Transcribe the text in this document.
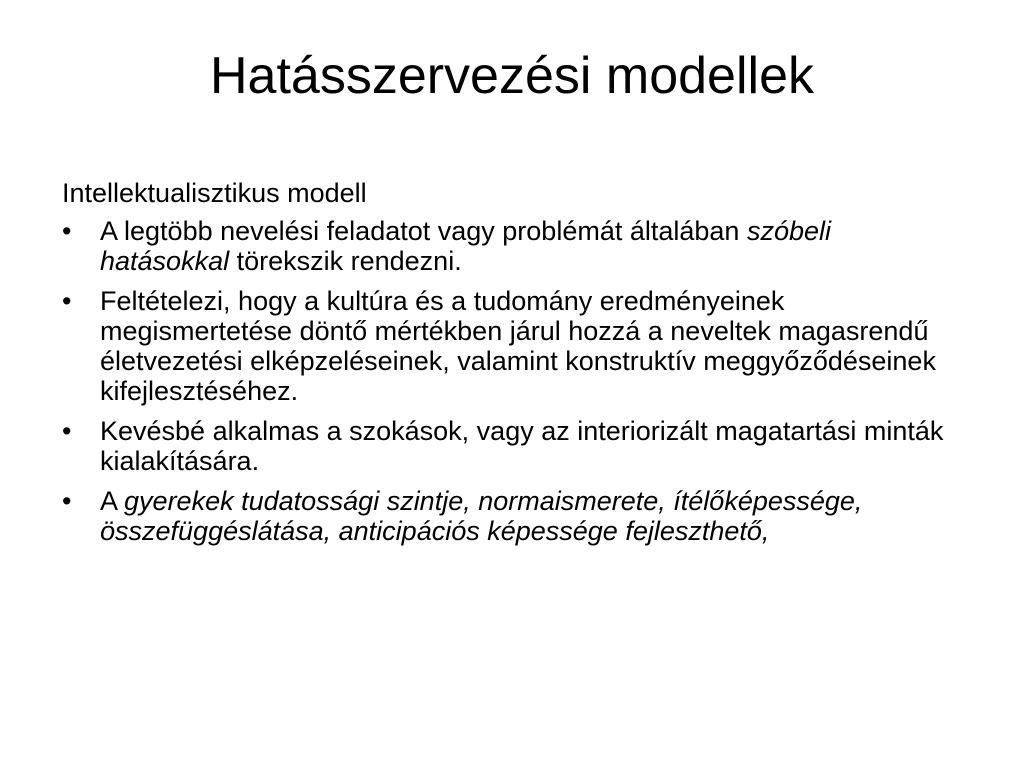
Hatásszervezési modellek
Intellektualisztikus modell
•	A legtöbb nevelési feladatot vagy problémát általában szóbeli hatásokkal törekszik rendezni.
•	Feltételezi, hogy a kultúra és a tudomány eredményeinek megismertetése döntő mértékben járul hozzá a neveltek magasrendű életvezetési elképzeléseinek, valamint konstruktív meggyőződéseinek kifejlesztéséhez.
•	Kevésbé alkalmas a szokások, vagy az interiorizált magatartási minták kialakítására.
•	A gyerekek tudatossági szintje, normaismerete, ítélőképessége, összefüggéslátása, anticipációs képessége fejleszthető,
